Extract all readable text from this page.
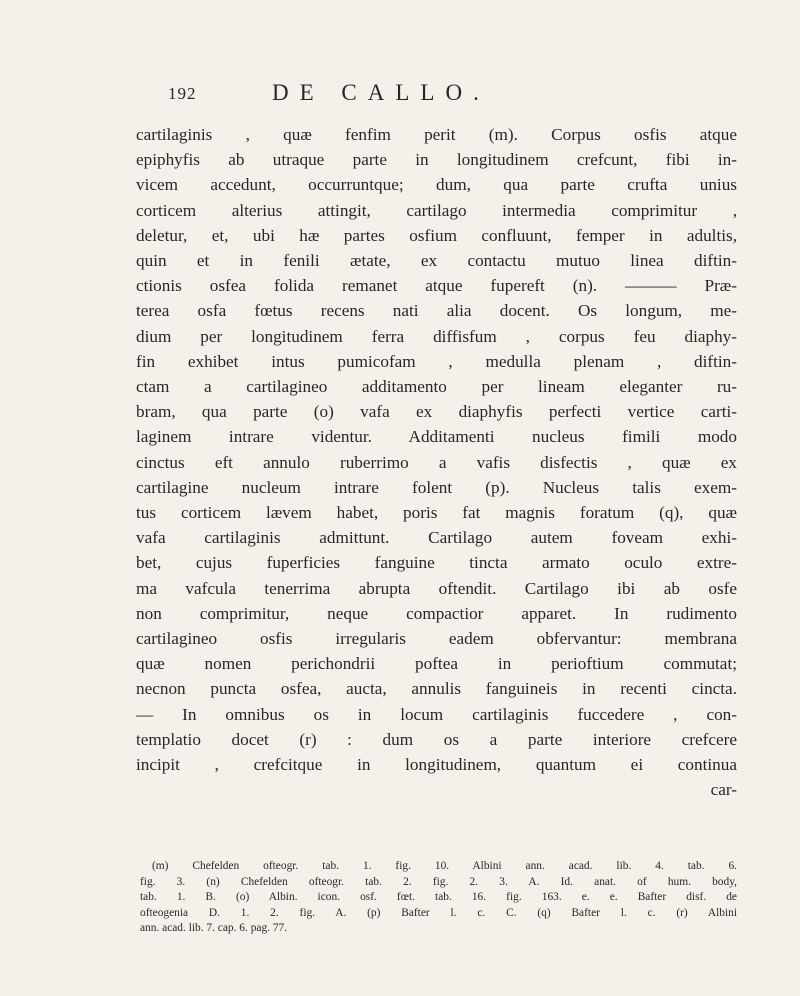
192	DE CALLO.
cartilaginis , quæ fenfim perit (m). Corpus osfis atque
epiphyfis ab utraque parte in longitudinem crefcunt, fibi in-
vicem accedunt, occurruntque; dum, qua parte crufta unius
corticem alterius attingit, cartilago intermedia comprimitur ,
deletur, et, ubi hæ partes osfium confluunt, femper in adultis,
quin et in fenili ætate, ex contactu mutuo linea diftin-
ctionis osfea folida remanet atque fupereft (n). ——— Præ-
terea osfa fœtus recens nati alia docent. Os longum, me-
dium per longitudinem ferra diffisfum , corpus feu diaphy-
fin exhibet intus pumicofam , medulla plenam , diftin-
ctam a cartilagineo additamento per lineam eleganter ru-
bram, qua parte (o) vafa ex diaphyfis perfecti vertice carti-
laginem intrare videntur. Additamenti nucleus fimili modo
cinctus eft annulo ruberrimo a vafis disfectis , quæ ex
cartilagine nucleum intrare folent (p). Nucleus talis exem-
tus corticem lævem habet, poris fat magnis foratum (q), quæ
vafa cartilaginis admittunt. Cartilago autem foveam exhi-
bet, cujus fuperficies fanguine tincta armato oculo extre-
ma vafcula tenerrima abrupta oftendit. Cartilago ibi ab osfe
non comprimitur, neque compactior apparet. In rudimento
cartilagineo osfis irregularis eadem obfervantur: membrana
quæ nomen perichondrii poftea in perioftium commutat;
necnon puncta osfea, aucta, annulis fanguineis in recenti cincta.
— In omnibus os in locum cartilaginis fuccedere , con-
templatio docet (r) : dum os a parte interiore crefcere
incipit , crefcitque in longitudinem, quantum ei continua
car-
(m) Chefelden ofteogr. tab. 1. fig. 10. Albini ann. acad. lib. 4. tab. 6.
fig. 3. (n) Chefelden ofteogr. tab. 2. fig. 2. 3. A. Id. anat. of hum. body,
tab. 1. B. (o) Albin. icon. osf. fœt. tab. 16. fig. 163. e. e. Bafter disf. de
ofteogenia D. 1. 2. fig. A. (p) Bafter l. c. C. (q) Bafter l. c. (r) Albini
ann. acad. lib. 7. cap. 6. pag. 77.
